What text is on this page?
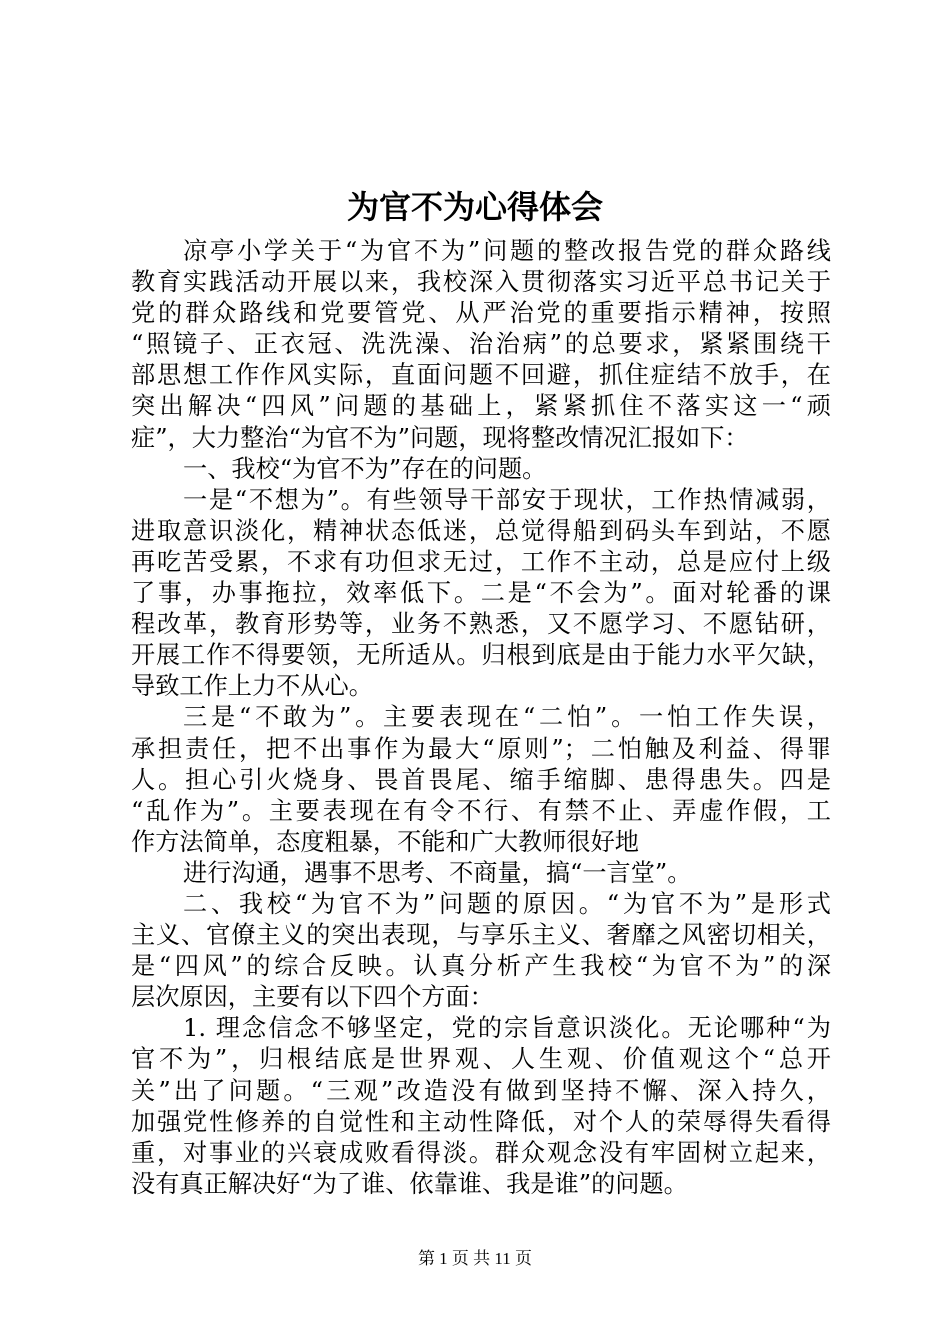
为官不为心得体会
凉亭小学关于“为官不为”问题的整改报告党的群众路线
教育实践活动开展以来，我校深入贯彻落实习近平总书记关于
党的群众路线和党要管党、从严治党的重要指示精神，按照
“照镜子、正衣冠、洗洗澡、治治病”的总要求，紧紧围绕干
部思想工作作风实际，直面问题不回避，抓住症结不放手，在
突出解决“四风”问题的基础上，紧紧抓住不落实这一“顽
症”，大力整治“为官不为”问题，现将整改情况汇报如下：
一、我校“为官不为”存在的问题。
一是“不想为”。有些领导干部安于现状，工作热情减弱，
进取意识淡化，精神状态低迷，总觉得船到码头车到站，不愿
再吃苦受累，不求有功但求无过，工作不主动，总是应付上级
了事，办事拖拉，效率低下。二是“不会为”。面对轮番的课
程改革，教育形势等，业务不熟悉，又不愿学习、不愿钻研，
开展工作不得要领，无所适从。归根到底是由于能力水平欠缺，
导致工作上力不从心。
三是“不敢为”。主要表现在“二怕”。一怕工作失误，
承担责任，把不出事作为最大“原则”；二怕触及利益、得罪
人。担心引火烧身、畏首畏尾、缩手缩脚、患得患失。四是
“乱作为”。主要表现在有令不行、有禁不止、弄虚作假，工
作方法简单，态度粗暴，不能和广大教师很好地
进行沟通，遇事不思考、不商量，搞“一言堂”。
二、我校“为官不为”问题的原因。“为官不为”是形式
主义、官僚主义的突出表现，与享乐主义、奢靡之风密切相关，
是“四风”的综合反映。认真分析产生我校“为官不为”的深
层次原因，主要有以下四个方面：
1. 理念信念不够坚定，党的宗旨意识淡化。无论哪种“为
官不为”，归根结底是世界观、人生观、价值观这个“总开
关”出了问题。“三观”改造没有做到坚持不懈、深入持久，
加强党性修养的自觉性和主动性降低，对个人的荣辱得失看得
重，对事业的兴衰成败看得淡。群众观念没有牢固树立起来，
没有真正解决好“为了谁、依靠谁、我是谁”的问题。
第 1 页 共 11 页
